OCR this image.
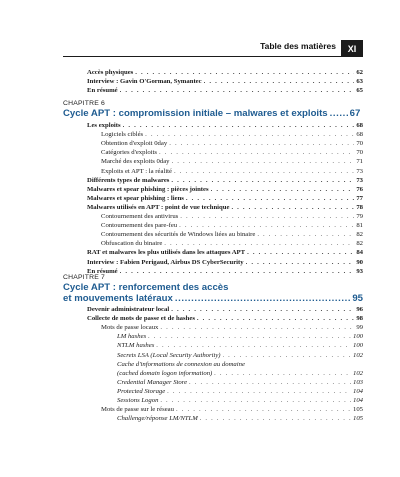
Table des matières	XI
Accès physiques . . .	62
Interview : Gavin O'Gorman, Symantec . . .	63
En résumé . . .	65
CHAPITRE 6
Cycle APT : compromission initiale – malwares et exploits ..... 67
Les exploits . . .	68
Logiciels ciblés . . .	68
Obtention d'exploit 0day . . .	70
Catégories d'exploits . . .	70
Marché des exploits 0day . . .	71
Exploits et APT : la réalité . . .	73
Différents types de malwares . . .	73
Malwares et spear phishing : pièces jointes . . .	76
Malwares et spear phishing : liens . . .	77
Malwares utilisés en APT : point de vue technique . . .	78
Contournement des antivirus . . .	79
Contournement des pare-feu . . .	81
Contournement des sécurités de Windows liées au binaire . . .	82
Obfuscation du binaire . . .	82
RAT et malwares les plus utilisés dans les attaques APT . . .	84
Interview : Fabien Perigaud, Airbus DS CyberSecurity . . .	90
En résumé . . .	93
CHAPITRE 7
Cycle APT : renforcement des accès
et mouvements latéraux .....	95
Devenir administrateur local . . .	96
Collecte de mots de passe et de hashes . . .	98
Mots de passe locaux . . .	99
LM hashes . . .	100
NTLM hashes . . .	100
Secrets LSA (Local Security Authority) . . .	102
Cache d'informations de connexion au domaine
(cached domain logon information) . . .	102
Credential Manager Store . . .	103
Protected Storage . . .	104
Sessions Logon . . .	104
Mots de passe sur le réseau . . .	105
Challenge/réponse LM/NTLM . . .	105
